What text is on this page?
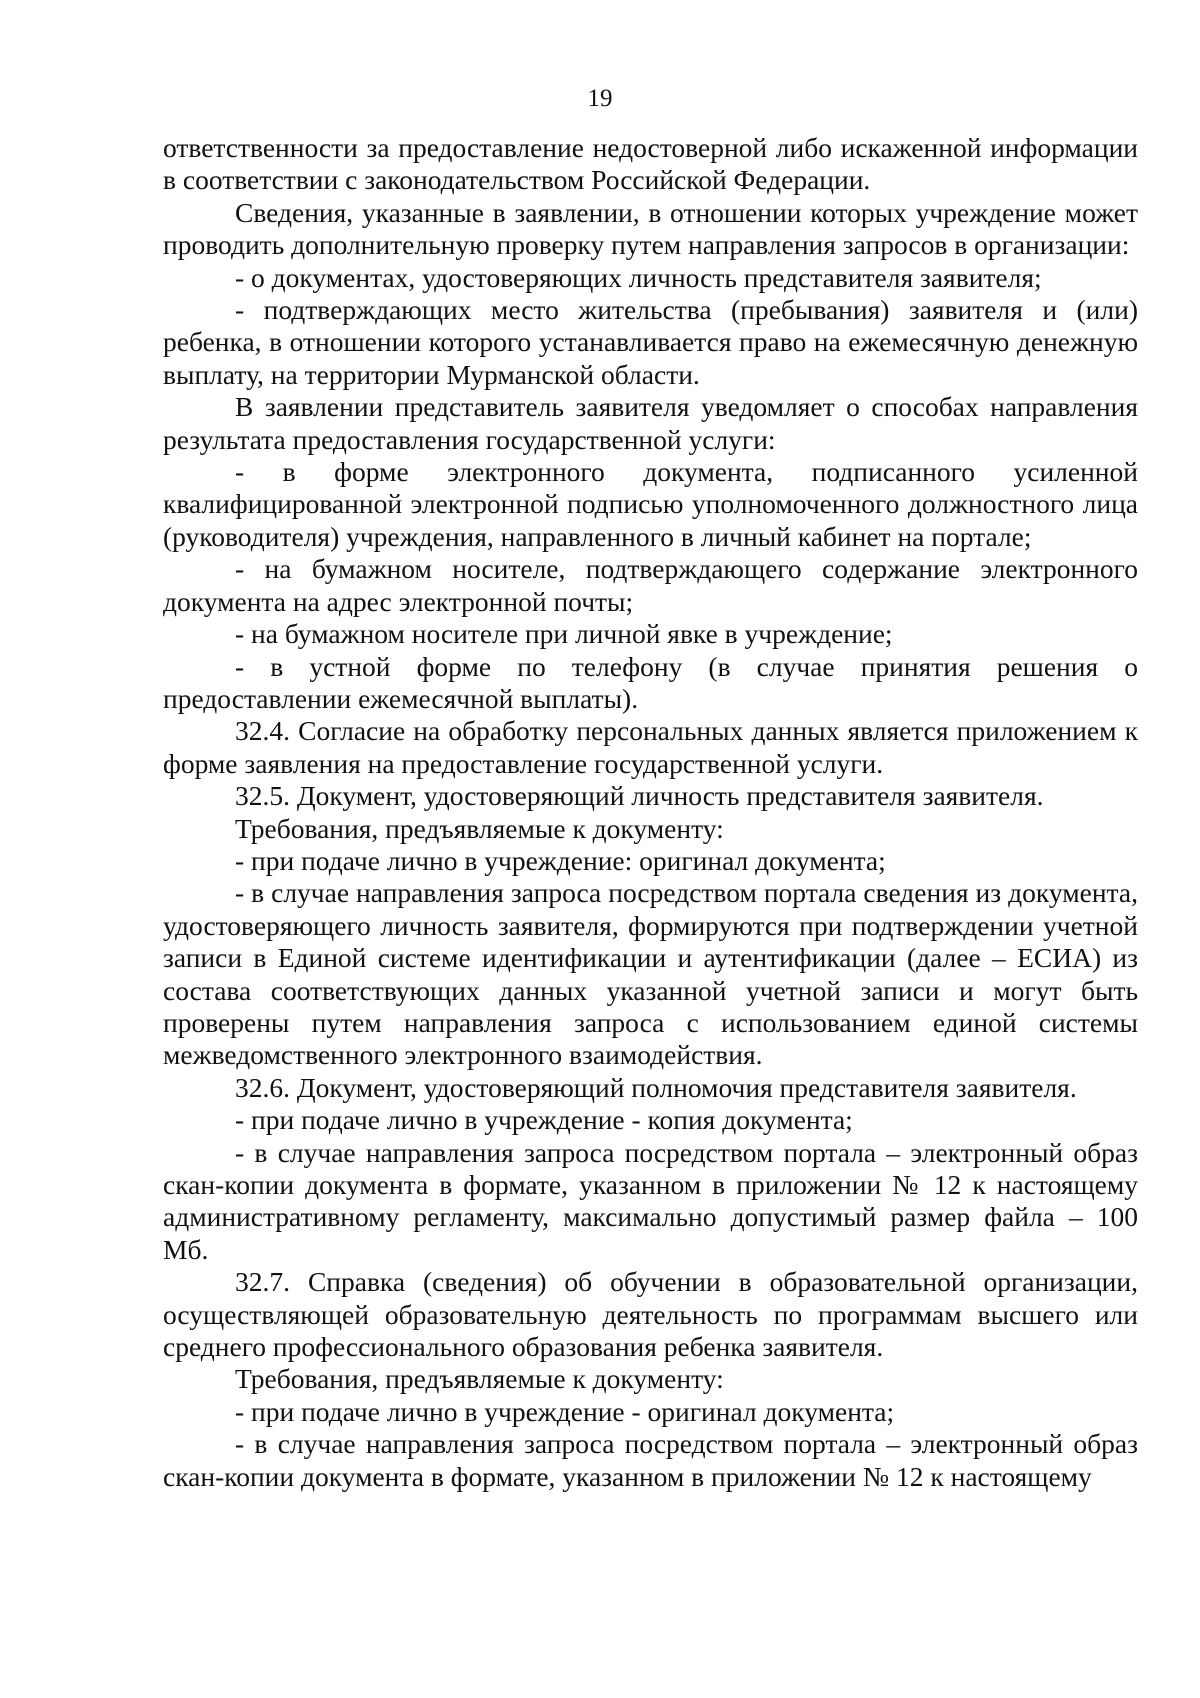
19

ответственности за предоставление недостоверной либо искаженной информации в соответствии с законодательством Российской Федерации.

Сведения, указанные в заявлении, в отношении которых учреждение может проводить дополнительную проверку путем направления запросов в организации:

- о документах, удостоверяющих личность представителя заявителя;

- подтверждающих место жительства (пребывания) заявителя и (или) ребенка, в отношении которого устанавливается право на ежемесячную денежную выплату, на территории Мурманской области.

В заявлении представитель заявителя уведомляет о способах направления результата предоставления государственной услуги:

- в форме электронного документа, подписанного усиленной квалифицированной электронной подписью уполномоченного должностного лица (руководителя) учреждения, направленного в личный кабинет на портале;

- на бумажном носителе, подтверждающего содержание электронного документа на адрес электронной почты;

- на бумажном носителе при личной явке в учреждение;

- в устной форме по телефону (в случае принятия решения о предоставлении ежемесячной выплаты).

32.4. Согласие на обработку персональных данных является приложением к форме заявления на предоставление государственной услуги.

32.5. Документ, удостоверяющий личность представителя заявителя.

Требования, предъявляемые к документу:

- при подаче лично в учреждение: оригинал документа;

- в случае направления запроса посредством портала сведения из документа, удостоверяющего личность заявителя, формируются при подтверждении учетной записи в Единой системе идентификации и аутентификации (далее – ЕСИА) из состава соответствующих данных указанной учетной записи и могут быть проверены путем направления запроса с использованием единой системы межведомственного электронного взаимодействия.

32.6. Документ, удостоверяющий полномочия представителя заявителя.

- при подаче лично в учреждение - копия документа;

- в случае направления запроса посредством портала – электронный образ скан-копии документа в формате, указанном в приложении № 12 к настоящему административному регламенту, максимально допустимый размер файла – 100 Мб.

32.7. Справка (сведения) об обучении в образовательной организации, осуществляющей образовательную деятельность по программам высшего или среднего профессионального образования ребенка заявителя.

Требования, предъявляемые к документу:

- при подаче лично в учреждение - оригинал документа;

- в случае направления запроса посредством портала – электронный образ скан-копии документа в формате, указанном в приложении № 12 к настоящему
